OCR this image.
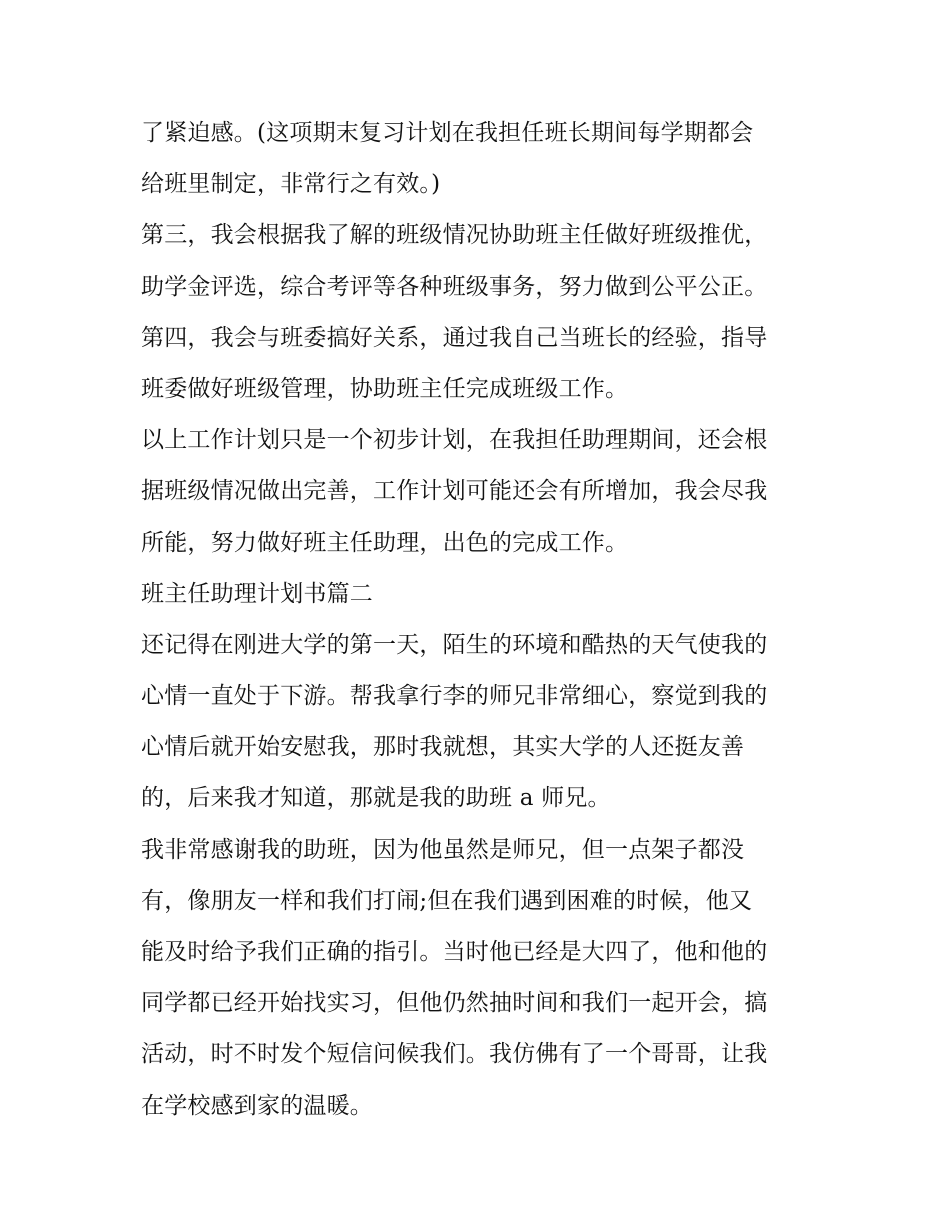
了紧迫感。(这项期末复习计划在我担任班长期间每学期都会
给班里制定，非常行之有效。)
第三，我会根据我了解的班级情况协助班主任做好班级推优，
助学金评选，综合考评等各种班级事务，努力做到公平公正。
第四，我会与班委搞好关系，通过我自己当班长的经验，指导
班委做好班级管理，协助班主任完成班级工作。
以上工作计划只是一个初步计划，在我担任助理期间，还会根
据班级情况做出完善，工作计划可能还会有所增加，我会尽我
所能，努力做好班主任助理，出色的完成工作。
班主任助理计划书篇二
还记得在刚进大学的第一天，陌生的环境和酷热的天气使我的
心情一直处于下游。帮我拿行李的师兄非常细心，察觉到我的
心情后就开始安慰我，那时我就想，其实大学的人还挺友善
的，后来我才知道，那就是我的助班 a 师兄。
我非常感谢我的助班，因为他虽然是师兄，但一点架子都没
有，像朋友一样和我们打闹;但在我们遇到困难的时候，他又
能及时给予我们正确的指引。当时他已经是大四了，他和他的
同学都已经开始找实习，但他仍然抽时间和我们一起开会，搞
活动，时不时发个短信问候我们。我仿佛有了一个哥哥，让我
在学校感到家的温暖。
